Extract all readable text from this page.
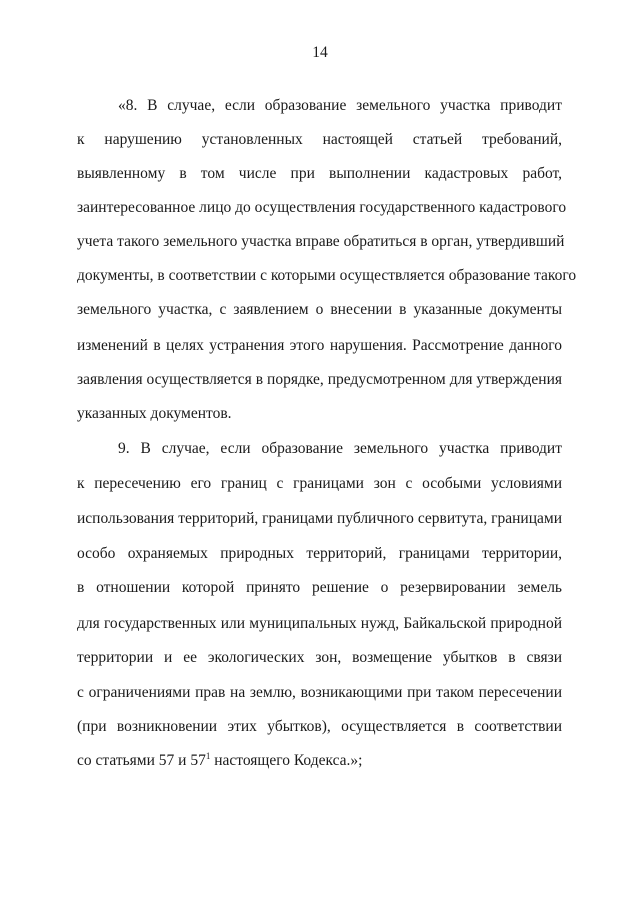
14
«8. В случае, если образование земельного участка приводит
к нарушению установленных настоящей статьей требований,
выявленному в том числе при выполнении кадастровых работ,
заинтересованное лицо до осуществления государственного кадастрового
учета такого земельного участка вправе обратиться в орган, утвердивший
документы, в соответствии с которыми осуществляется образование такого
земельного участка, с заявлением о внесении в указанные документы
изменений в целях устранения этого нарушения. Рассмотрение данного
заявления осуществляется в порядке, предусмотренном для утверждения
указанных документов.
9. В случае, если образование земельного участка приводит
к пересечению его границ с границами зон с особыми условиями
использования территорий, границами публичного сервитута, границами
особо охраняемых природных территорий, границами территории,
в отношении которой принято решение о резервировании земель
для государственных или муниципальных нужд, Байкальской природной
территории и ее экологических зон, возмещение убытков в связи
с ограничениями прав на землю, возникающими при таком пересечении
(при возникновении этих убытков), осуществляется в соответствии
со статьями 57 и $57^1$ настоящего Кодекса.»;
